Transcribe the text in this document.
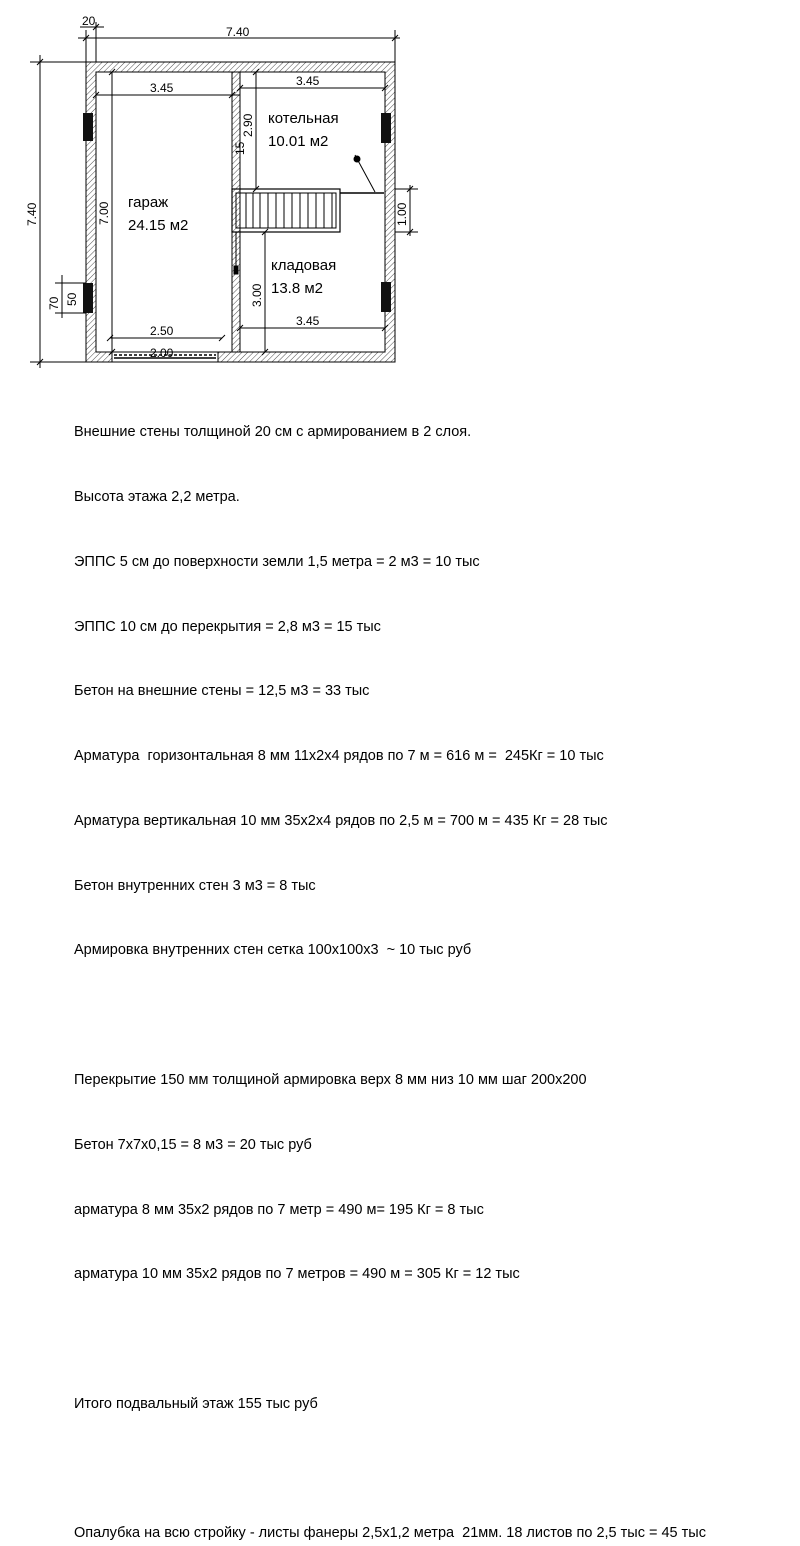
20
7.40
7.40
70 50
3.45	3.45
3.45
7.00
2.90
15
3.00
1.00
2.50
2.00
гараж
24.15 м2
котельная
10.01 м2
кладовая
13.8 м2

Внешние стены толщиной 20 см с армированием в 2 слоя.

Высота этажа 2,2 метра.

ЭППС 5 см до поверхности земли 1,5 метра = 2 м3 = 10 тыс

ЭППС 10 см до перекрытия = 2,8 м3 = 15 тыс

Бетон на внешние стены = 12,5 м3 = 33 тыс

Арматура  горизонтальная 8 мм 11х2х4 рядов по 7 м = 616 м =  245Кг = 10 тыс

Арматура вертикальная 10 мм 35х2х4 рядов по 2,5 м = 700 м = 435 Кг = 28 тыс

Бетон внутренних стен 3 м3 = 8 тыс

Армировка внутренних стен сетка 100х100х3  ~ 10 тыс руб

Перекрытие 150 мм толщиной армировка верх 8 мм низ 10 мм шаг 200х200

Бетон 7х7х0,15 = 8 м3 = 20 тыс руб

арматура 8 мм 35х2 рядов по 7 метр = 490 м= 195 Кг = 8 тыс

арматура 10 мм 35х2 рядов по 7 метров = 490 м = 305 Кг = 12 тыс

Итого подвальный этаж 155 тыс руб

Опалубка на всю стройку - листы фанеры 2,5х1,2 метра  21мм. 18 листов по 2,5 тыс = 45 тыс
